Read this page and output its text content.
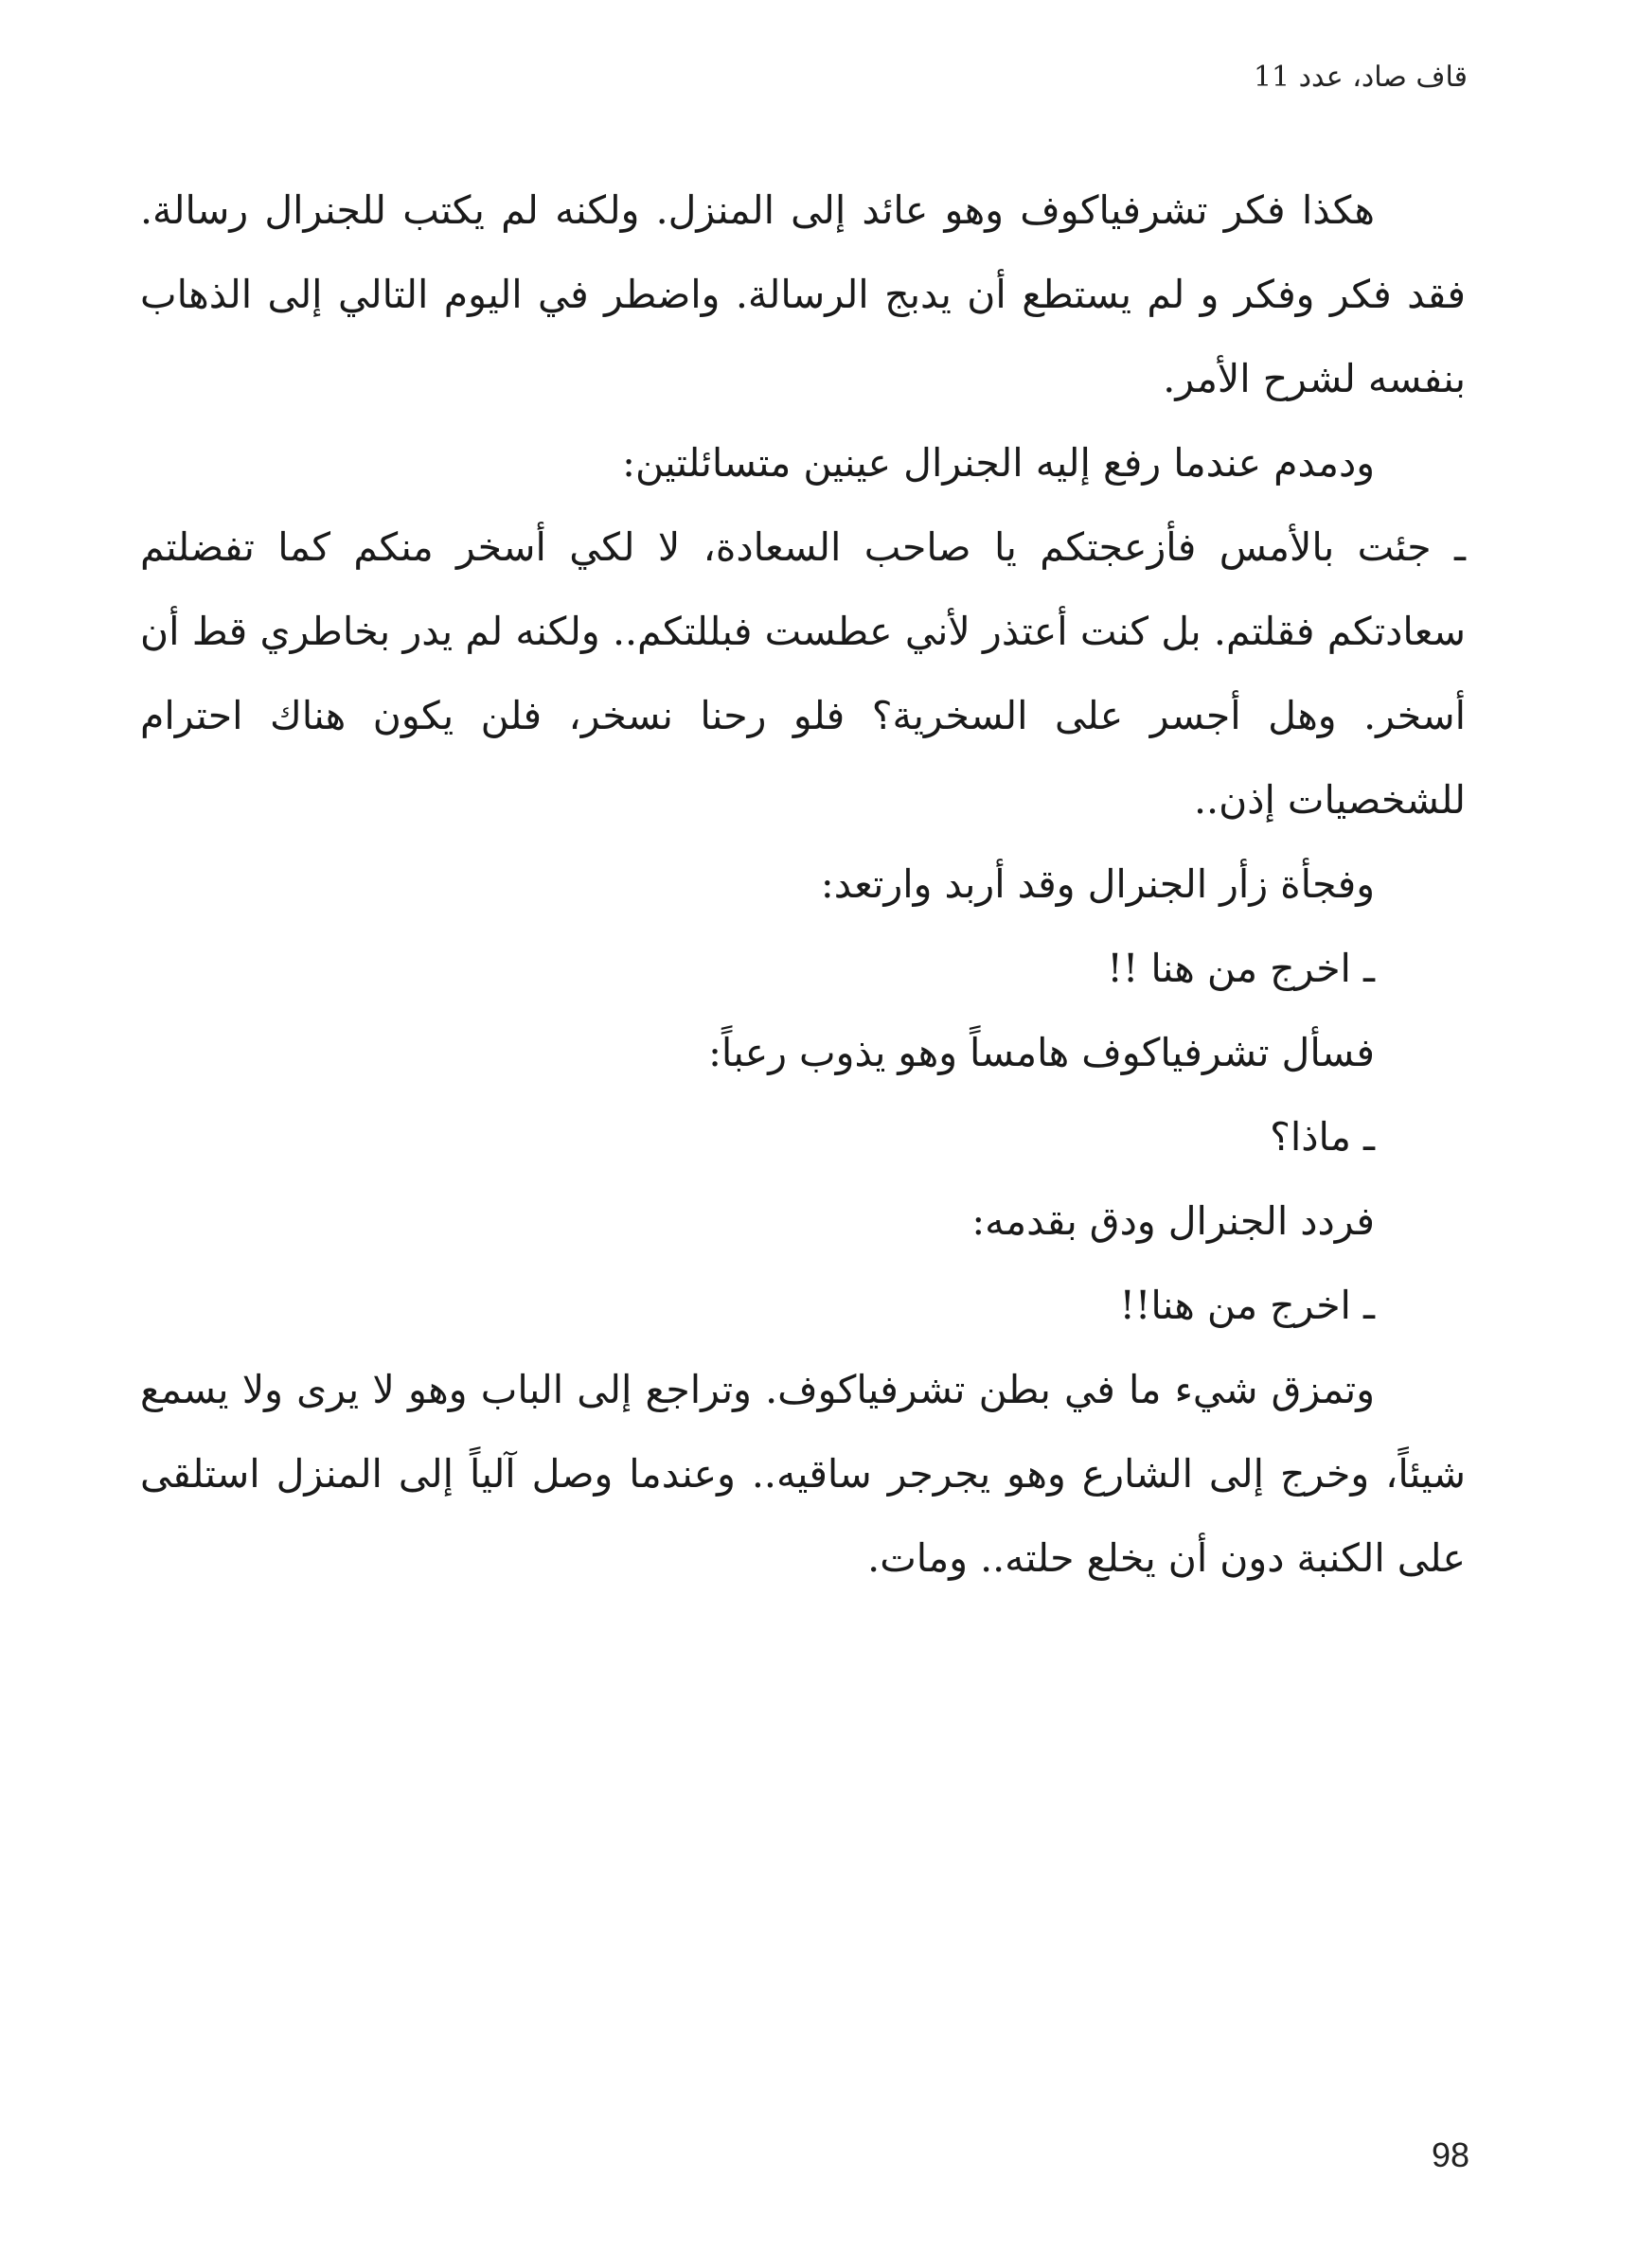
قاف صاد، عدد 11

هكذا فكر تشرفياكوف وهو عائد إلى المنزل. ولكنه لم يكتب للجنرال رسالة. فقد فكر وفكر و لم يستطع أن يدبج الرسالة. واضطر في اليوم التالي إلى الذهاب بنفسه لشرح الأمر.

ودمدم عندما رفع إليه الجنرال عينين متسائلتين:

ـ جئت بالأمس فأزعجتكم يا صاحب السعادة، لا لكي أسخر منكم كما تفضلتم سعادتكم فقلتم. بل كنت أعتذر لأني عطست فبللتكم.. ولكنه لم يدر بخاطري قط أن أسخر. وهل أجسر على السخرية؟ فلو رحنا نسخر، فلن يكون هناك احترام للشخصيات إذن..

وفجأة زأر الجنرال وقد أربد وارتعد:

ـ اخرج من هنا !!

فسأل تشرفياكوف هامساً وهو يذوب رعباً:

ـ ماذا؟

فردد الجنرال ودق بقدمه:

ـ اخرج من هنا!!

وتمزق شيء ما في بطن تشرفياكوف. وتراجع إلى الباب وهو لا يرى ولا يسمع شيئاً، وخرج إلى الشارع وهو يجرجر ساقيه.. وعندما وصل آلياً إلى المنزل استلقى على الكنبة دون أن يخلع حلته.. ومات.

98
